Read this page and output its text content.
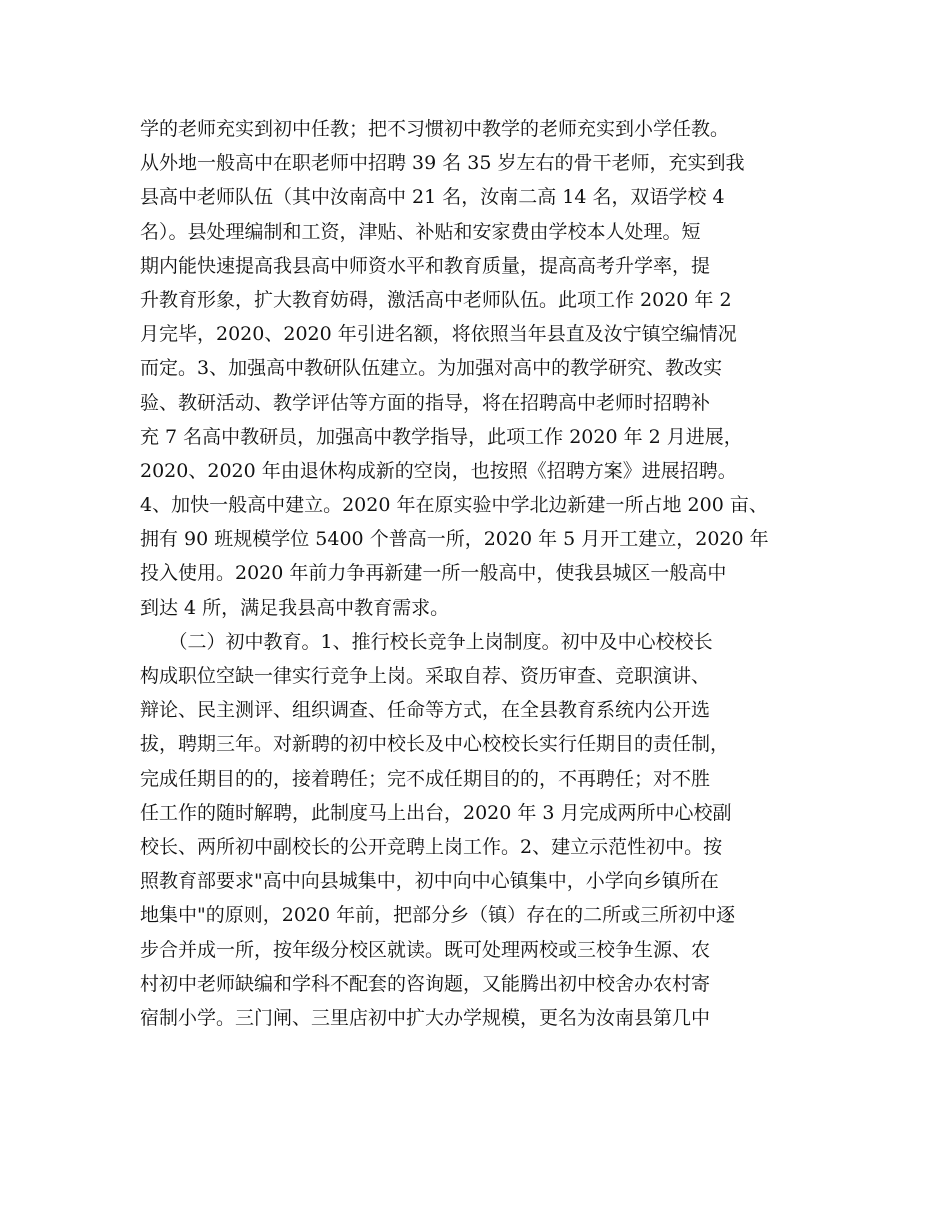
学的老师充实到初中任教；把不习惯初中教学的老师充实到小学任教。
从外地一般高中在职老师中招聘 39 名 35 岁左右的骨干老师，充实到我
县高中老师队伍（其中汝南高中 21 名，汝南二高 14 名，双语学校 4
名）。县处理编制和工资，津贴、补贴和安家费由学校本人处理。短
期内能快速提高我县高中师资水平和教育质量，提高高考升学率，提
升教育形象，扩大教育妨碍，激活高中老师队伍。此项工作 2020 年 2
月完毕，2020、2020 年引进名额，将依照当年县直及汝宁镇空编情况
而定。3、加强高中教研队伍建立。为加强对高中的教学研究、教改实
验、教研活动、教学评估等方面的指导，将在招聘高中老师时招聘补
充 7 名高中教研员，加强高中教学指导，此项工作 2020 年 2 月进展，
2020、2020 年由退休构成新的空岗，也按照《招聘方案》进展招聘。
4、加快一般高中建立。2020 年在原实验中学北边新建一所占地 200 亩、
拥有 90 班规模学位 5400 个普高一所，2020 年 5 月开工建立，2020 年
投入使用。2020 年前力争再新建一所一般高中，使我县城区一般高中
到达 4 所，满足我县高中教育需求。
　　（二）初中教育。1、推行校长竞争上岗制度。初中及中心校校长
构成职位空缺一律实行竞争上岗。采取自荐、资历审查、竞职演讲、
辩论、民主测评、组织调查、任命等方式，在全县教育系统内公开选
拔，聘期三年。对新聘的初中校长及中心校校长实行任期目的责任制，
完成任期目的的，接着聘任；完不成任期目的的，不再聘任；对不胜
任工作的随时解聘，此制度马上出台，2020 年 3 月完成两所中心校副
校长、两所初中副校长的公开竞聘上岗工作。2、建立示范性初中。按
照教育部要求"高中向县城集中，初中向中心镇集中，小学向乡镇所在
地集中"的原则，2020 年前，把部分乡（镇）存在的二所或三所初中逐
步合并成一所，按年级分校区就读。既可处理两校或三校争生源、农
村初中老师缺编和学科不配套的咨询题，又能腾出初中校舍办农村寄
宿制小学。三门闸、三里店初中扩大办学规模，更名为汝南县第几中
